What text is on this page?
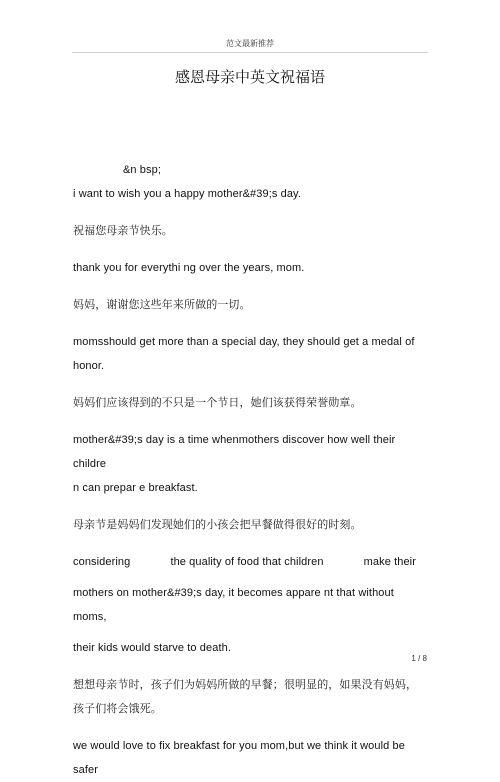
范文最新推荐
感恩母亲中英文祝福语

&n bsp;

i want to wish you a happy mother&#39;s day.

祝福您母亲节快乐。

thank you for everythi ng over the years, mom.

妈妈，谢谢您这些年来所做的一切。

momsshould get more than a special day, they should get a medal of

honor.

妈妈们应该得到的不只是一个节日，她们该获得荣誉勋章。

mother&#39;s day is a time whenmothers discover how well their childre

n can prepar e breakfast.

母亲节是妈妈们发现她们的小孩会把早餐做得很好的时刻。

considering	the quality of food that children	make their

mothers on mother&#39;s day, it becomes appare nt that without moms,

their kids would starve to death.

想想母亲节时，孩子们为妈妈所做的早餐；很明显的，如果没有妈妈，

孩子们将会饿死。

we would love to fix breakfast for you mom,but we think it would be safer

1 / 8
